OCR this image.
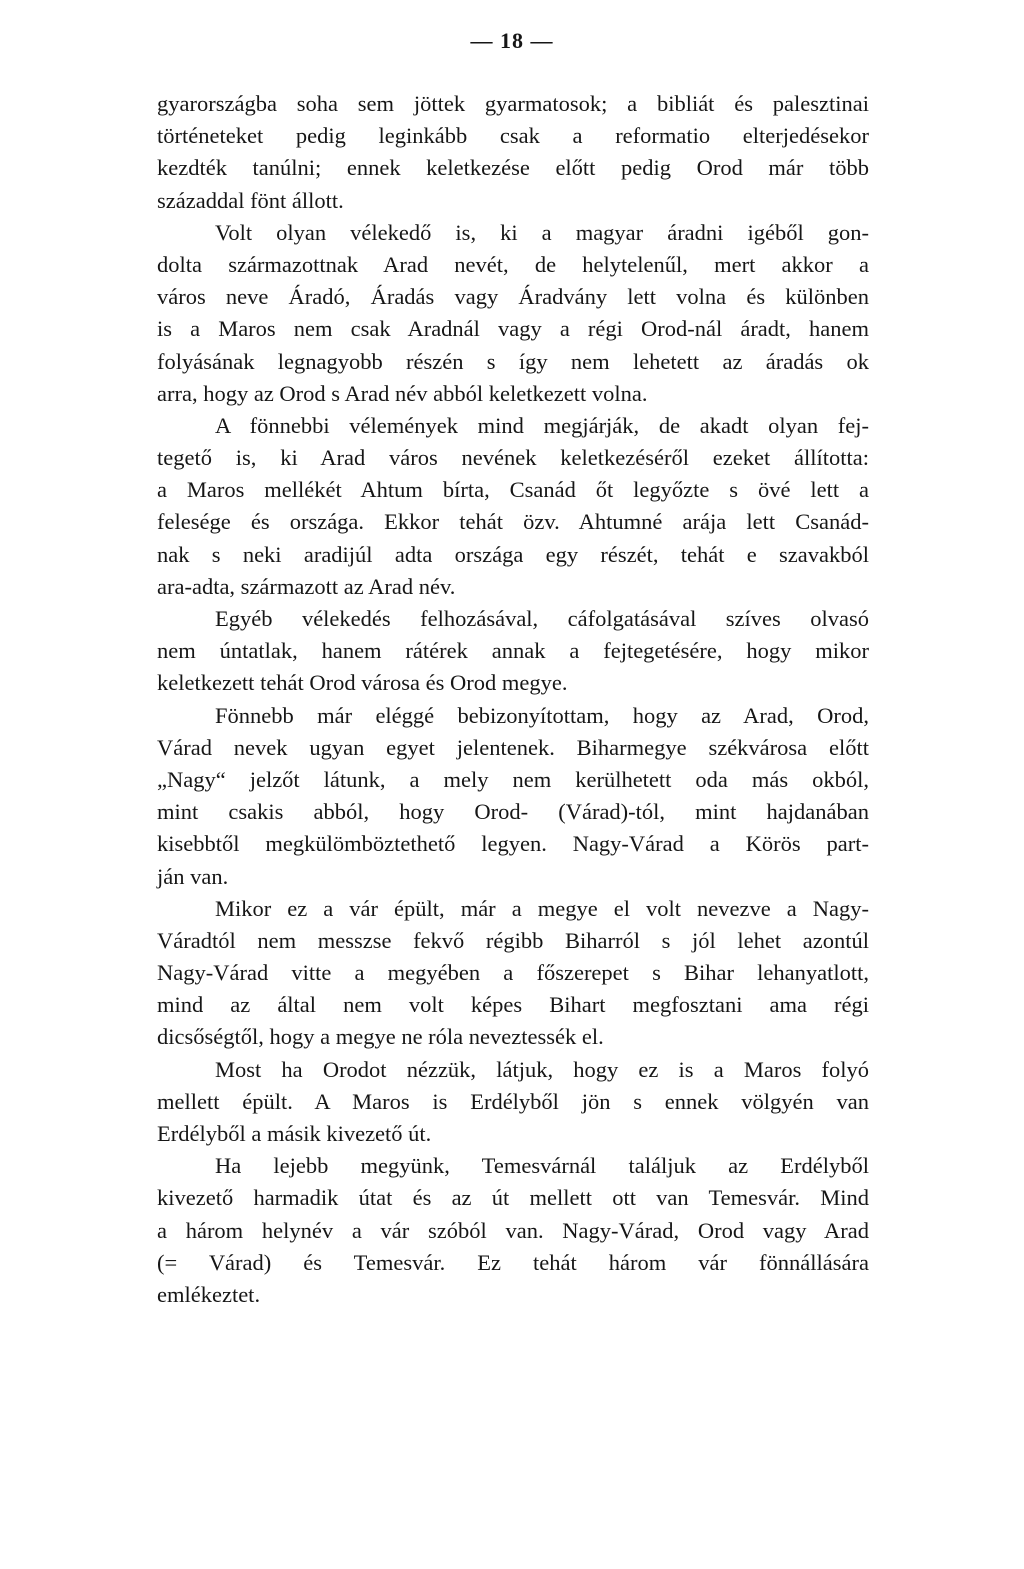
— 18 —
gyarországba soha sem jöttek gyarmatosok; a bibliát és palesztinai
történeteket pedig leginkább csak a reformatio elterjedésekor
kezdték tanúlni; ennek keletkezése előtt pedig Orod már több
századdal fönt állott.
Volt olyan vélekedő is, ki a magyar áradni igéből gon-
dolta származottnak Arad nevét, de helytelenűl, mert akkor a
város neve Áradó, Áradás vagy Áradvány lett volna és különben
is a Maros nem csak Aradnál vagy a régi Orod-nál áradt, hanem
folyásának legnagyobb részén s így nem lehetett az áradás ok
arra, hogy az Orod s Arad név abból keletkezett volna.
A fönnebbi vélemények mind megjárják, de akadt olyan fej-
tegető is, ki Arad város nevének keletkezéséről ezeket állította:
a Maros mellékét Ahtum bírta, Csanád őt legyőzte s övé lett a
felesége és országa. Ekkor tehát özv. Ahtumné arája lett Csanád-
nak s neki aradijúl adta országa egy részét, tehát e szavakból
ara-adta, származott az Arad név.
Egyéb vélekedés felhozásával, cáfolgatásával szíves olvasó
nem úntatlak, hanem rátérek annak a fejtegetésére, hogy mikor
keletkezett tehát Orod városa és Orod megye.
Fönnebb már eléggé bebizonyítottam, hogy az Arad, Orod,
Várad nevek ugyan egyet jelentenek. Biharmegye székvárosa előtt
„Nagy“ jelzőt látunk, a mely nem kerülhetett oda más okból,
mint csakis abból, hogy Orod- (Várad)-tól, mint hajdanában
kisebbtől megkülömböztethető legyen. Nagy-Várad a Körös part-
ján van.
Mikor ez a vár épült, már a megye el volt nevezve a Nagy-
Váradtól nem messzse fekvő régibb Biharról s jól lehet azontúl
Nagy-Várad vitte a megyében a főszerepet s Bihar lehanyatlott,
mind az által nem volt képes Bihart megfosztani ama régi
dicsőségtől, hogy a megye ne róla neveztessék el.
Most ha Orodot nézzük, látjuk, hogy ez is a Maros folyó
mellett épült. A Maros is Erdélyből jön s ennek völgyén van
Erdélyből a másik kivezető út.
Ha lejebb megyünk, Temesvárnál találjuk az Erdélyből
kivezető harmadik útat és az út mellett ott van Temesvár. Mind
a három helynév a vár szóból van. Nagy-Várad, Orod vagy Arad
(= Várad) és Temesvár. Ez tehát három vár fönnállására
emlékeztet.
